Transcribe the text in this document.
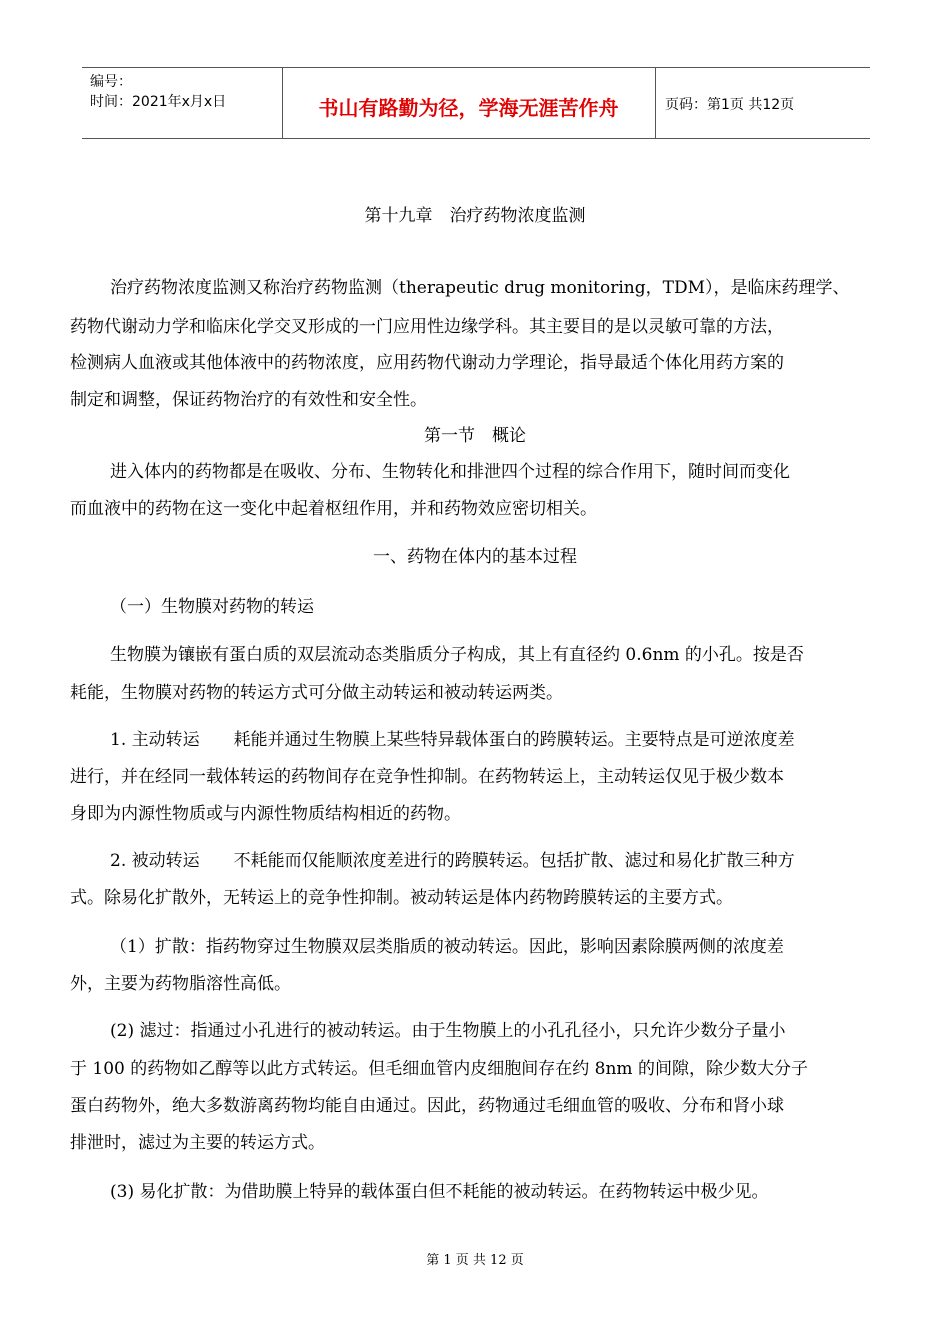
编号：
时间：2021年x月x日	书山有路勤为径，学海无涯苦作舟	页码：第1页 共12页
第十九章　治疗药物浓度监测
治疗药物浓度监测又称治疗药物监测（therapeutic drug monitoring，TDM），是临床药理学、
药物代谢动力学和临床化学交叉形成的一门应用性边缘学科。其主要目的是以灵敏可靠的方法，
检测病人血液或其他体液中的药物浓度，应用药物代谢动力学理论，指导最适个体化用药方案的
制定和调整，保证药物治疗的有效性和安全性。
第一节　概论
进入体内的药物都是在吸收、分布、生物转化和排泄四个过程的综合作用下，随时间而变化
而血液中的药物在这一变化中起着枢纽作用，并和药物效应密切相关。
一、药物在体内的基本过程
（一）生物膜对药物的转运
生物膜为镶嵌有蛋白质的双层流动态类脂质分子构成，其上有直径约 0.6nm 的小孔。按是否
耗能，生物膜对药物的转运方式可分做主动转运和被动转运两类。
1. 主动转运　　耗能并通过生物膜上某些特异载体蛋白的跨膜转运。主要特点是可逆浓度差
进行，并在经同一载体转运的药物间存在竞争性抑制。在药物转运上，主动转运仅见于极少数本
身即为内源性物质或与内源性物质结构相近的药物。
2. 被动转运　　不耗能而仅能顺浓度差进行的跨膜转运。包括扩散、滤过和易化扩散三种方
式。除易化扩散外，无转运上的竞争性抑制。被动转运是体内药物跨膜转运的主要方式。
（1）扩散：指药物穿过生物膜双层类脂质的被动转运。因此，影响因素除膜两侧的浓度差
外，主要为药物脂溶性高低。
(2) 滤过：指通过小孔进行的被动转运。由于生物膜上的小孔孔径小，只允许少数分子量小
于 100 的药物如乙醇等以此方式转运。但毛细血管内皮细胞间存在约 8nm 的间隙，除少数大分子
蛋白药物外，绝大多数游离药物均能自由通过。因此，药物通过毛细血管的吸收、分布和肾小球
排泄时，滤过为主要的转运方式。
(3) 易化扩散：为借助膜上特异的载体蛋白但不耗能的被动转运。在药物转运中极少见。
第 1 页 共 12 页
